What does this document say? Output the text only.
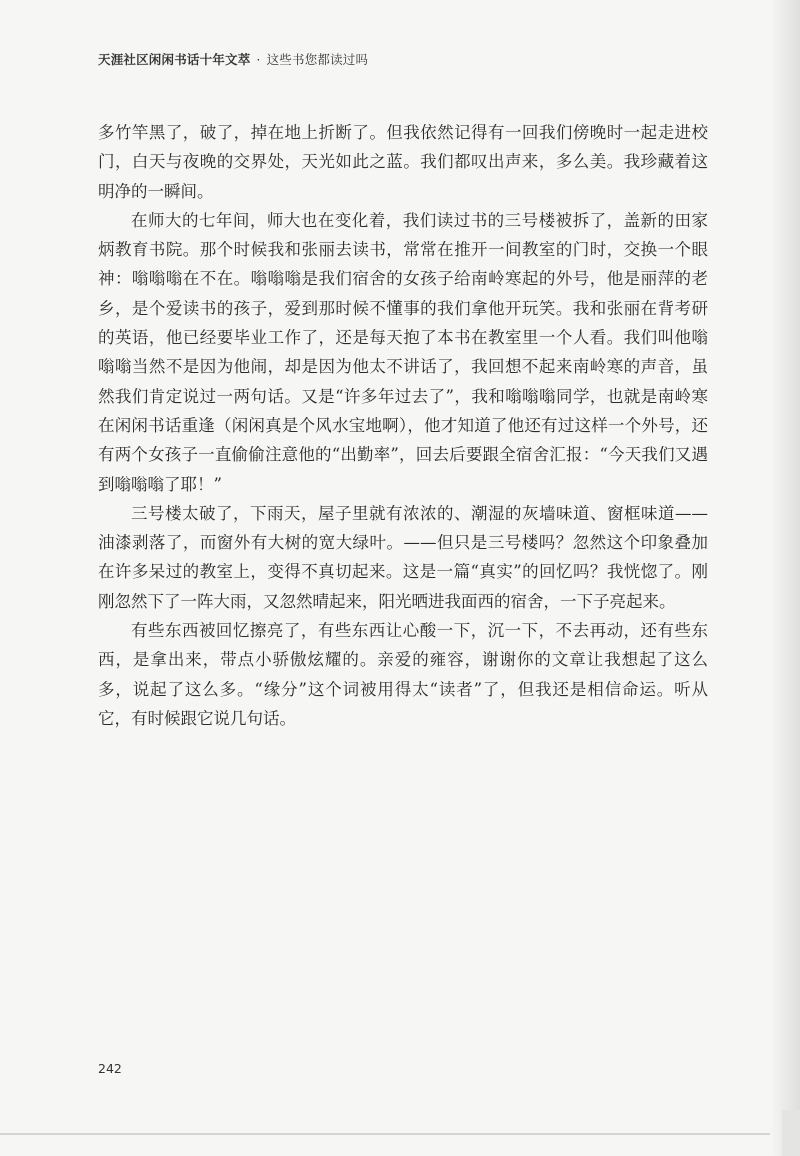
天涯社区闲闲书话十年文萃 · 这些书您都读过吗

多竹竿黑了，破了，掉在地上折断了。但我依然记得有一回我们傍晚时一起走进校门，白天与夜晚的交界处，天光如此之蓝。我们都叹出声来，多么美。我珍藏着这明净的一瞬间。

在师大的七年间，师大也在变化着，我们读过书的三号楼被拆了，盖新的田家炳教育书院。那个时候我和张丽去读书，常常在推开一间教室的门时，交换一个眼神：嗡嗡嗡在不在。嗡嗡嗡是我们宿舍的女孩子给南岭寒起的外号，他是丽萍的老乡，是个爱读书的孩子，爱到那时候不懂事的我们拿他开玩笑。我和张丽在背考研的英语，他已经要毕业工作了，还是每天抱了本书在教室里一个人看。我们叫他嗡嗡嗡当然不是因为他闹，却是因为他太不讲话了，我回想不起来南岭寒的声音，虽然我们肯定说过一两句话。又是“许多年过去了”，我和嗡嗡嗡同学，也就是南岭寒在闲闲书话重逢（闲闲真是个风水宝地啊），他才知道了他还有过这样一个外号，还有两个女孩子一直偷偷注意他的“出勤率”，回去后要跟全宿舍汇报：“今天我们又遇到嗡嗡嗡了耶！”

三号楼太破了，下雨天，屋子里就有浓浓的、潮湿的灰墙味道、窗框味道——油漆剥落了，而窗外有大树的宽大绿叶。——但只是三号楼吗？忽然这个印象叠加在许多呆过的教室上，变得不真切起来。这是一篇“真实”的回忆吗？我恍惚了。刚刚忽然下了一阵大雨，又忽然晴起来，阳光晒进我面西的宿舍，一下子亮起来。

有些东西被回忆擦亮了，有些东西让心酸一下，沉一下，不去再动，还有些东西，是拿出来，带点小骄傲炫耀的。亲爱的雍容，谢谢你的文章让我想起了这么多，说起了这么多。“缘分”这个词被用得太“读者”了，但我还是相信命运。听从它，有时候跟它说几句话。

242
